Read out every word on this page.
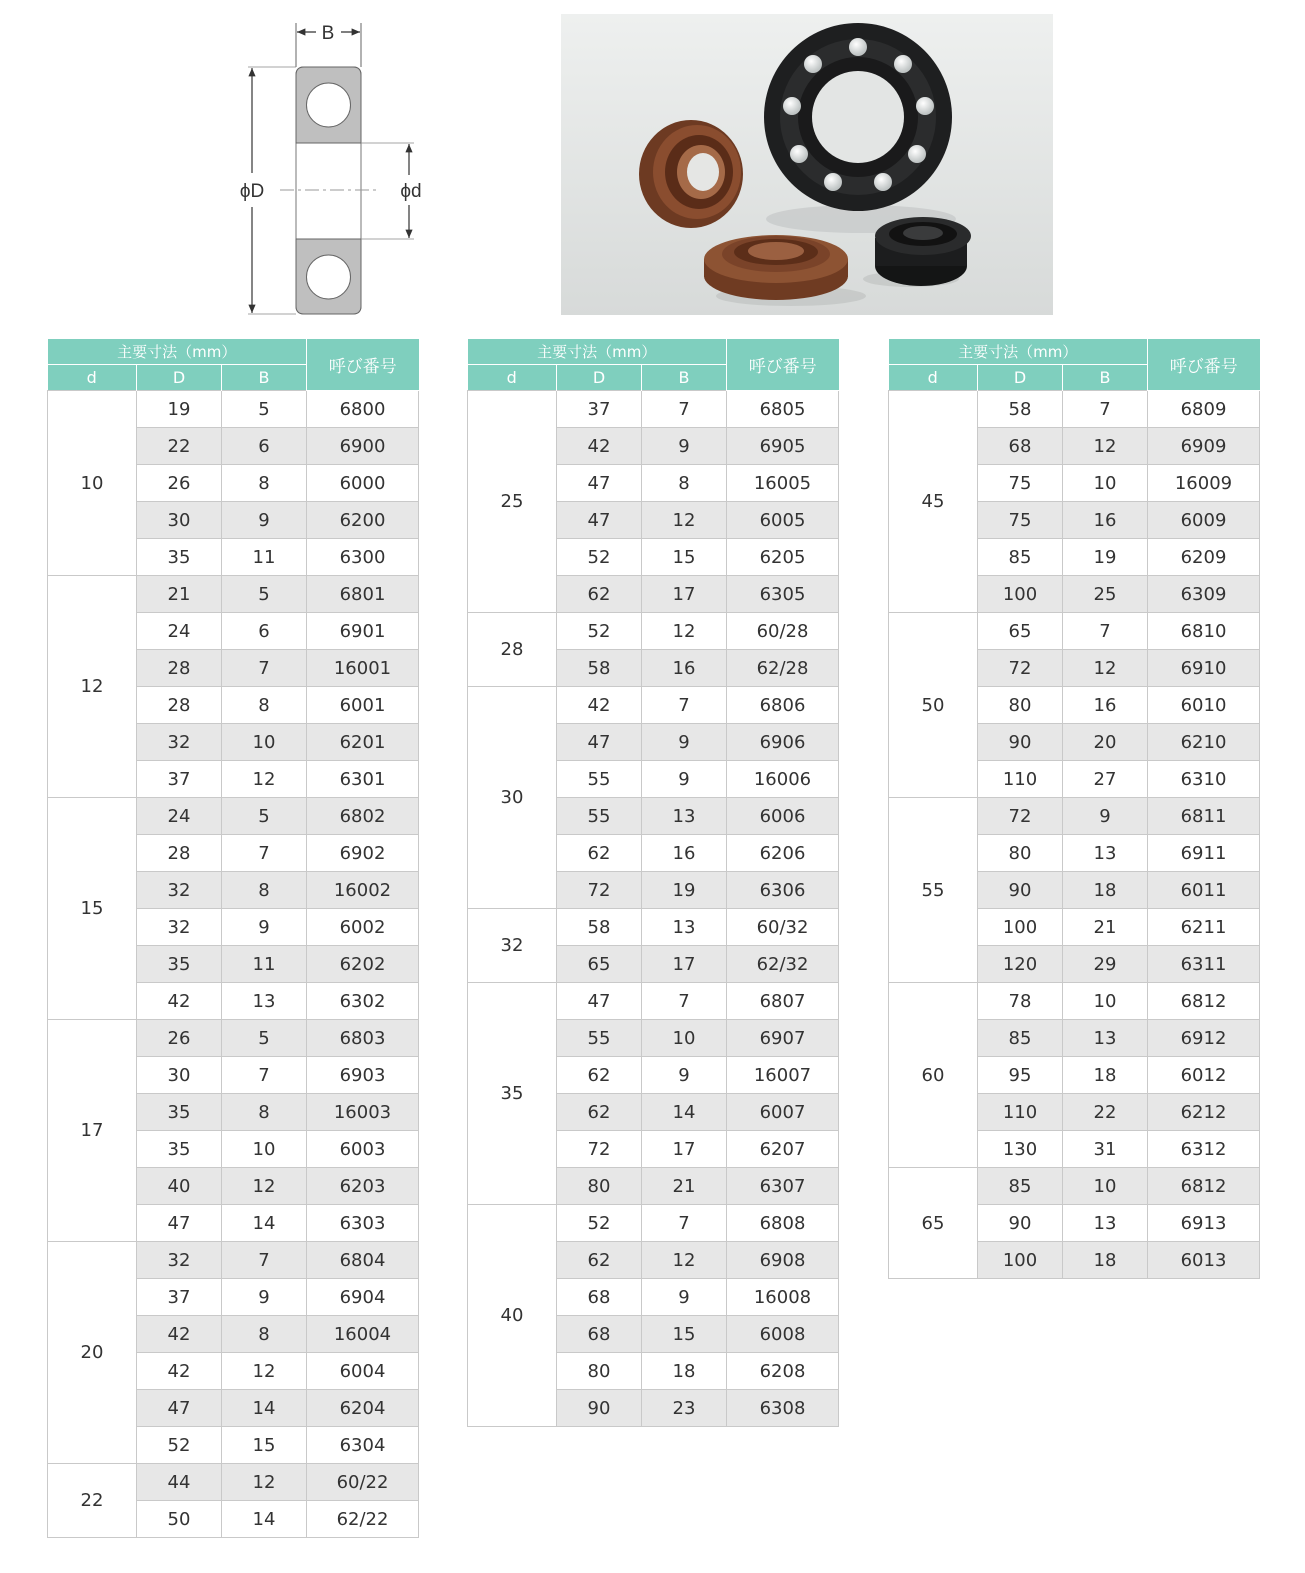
B
ϕD	ϕd
主要寸法（mm）			呼び番号
d	D	B	
10	19	5	6800
	22	6	6900
	26	8	6000
	30	9	6200
	35	11	6300
12	21	5	6801
	24	6	6901
	28	7	16001
	28	8	6001
	32	10	6201
	37	12	6301
15	24	5	6802
	28	7	6902
	32	8	16002
	32	9	6002
	35	11	6202
	42	13	6302
17	26	5	6803
	30	7	6903
	35	8	16003
	35	10	6003
	40	12	6203
	47	14	6303
20	32	7	6804
	37	9	6904
	42	8	16004
	42	12	6004
	47	14	6204
	52	15	6304
22	44	12	60/22
	50	14	62/22
主要寸法（mm）			呼び番号
d	D	B	
25	37	7	6805
	42	9	6905
	47	8	16005
	47	12	6005
	52	15	6205
	62	17	6305
28	52	12	60/28
	58	16	62/28
30	42	7	6806
	47	9	6906
	55	9	16006
	55	13	6006
	62	16	6206
	72	19	6306
32	58	13	60/32
	65	17	62/32
35	47	7	6807
	55	10	6907
	62	9	16007
	62	14	6007
	72	17	6207
	80	21	6307
40	52	7	6808
	62	12	6908
	68	9	16008
	68	15	6008
	80	18	6208
	90	23	6308
主要寸法（mm）			呼び番号
d	D	B	
45	58	7	6809
	68	12	6909
	75	10	16009
	75	16	6009
	85	19	6209
	100	25	6309
50	65	7	6810
	72	12	6910
	80	16	6010
	90	20	6210
	110	27	6310
55	72	9	6811
	80	13	6911
	90	18	6011
	100	21	6211
	120	29	6311
60	78	10	6812
	85	13	6912
	95	18	6012
	110	22	6212
	130	31	6312
65	85	10	6812
	90	13	6913
	100	18	6013
